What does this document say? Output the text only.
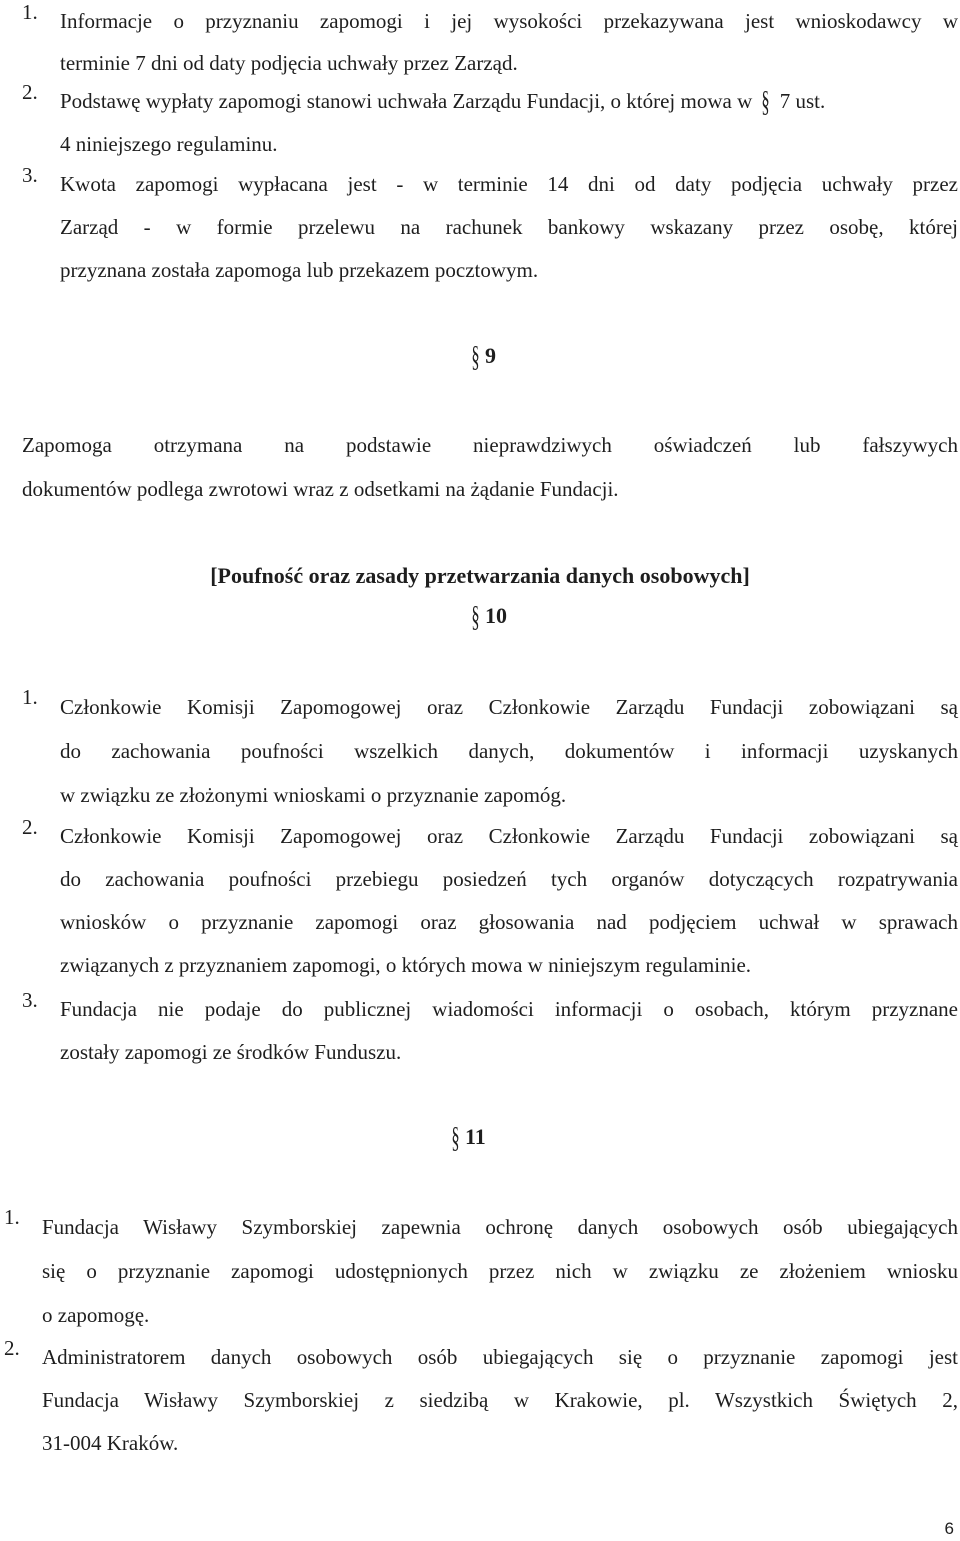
1. Informacje o przyznaniu zapomogi i jej wysokości przekazywana jest wnioskodawcy w
terminie 7 dni od daty podjęcia uchwały przez Zarząd.
2. Podstawę wypłaty zapomogi stanowi uchwała Zarządu Fundacji, o której mowa w § 7 ust.
4 niniejszego regulaminu.
3. Kwota zapomogi wypłacana jest - w terminie 14 dni od daty podjęcia uchwały przez
Zarząd - w formie przelewu na rachunek bankowy wskazany przez osobę, której
przyznana została zapomoga lub przekazem pocztowym.
§ 9
Zapomoga otrzymana na podstawie nieprawdziwych oświadczeń lub fałszywych
dokumentów podlega zwrotowi wraz z odsetkami na żądanie Fundacji.
[Poufność oraz zasady przetwarzania danych osobowych]
§ 10
1. Członkowie Komisji Zapomogowej oraz Członkowie Zarządu Fundacji zobowiązani są
do zachowania poufności wszelkich danych, dokumentów i informacji uzyskanych
w związku ze złożonymi wnioskami o przyznanie zapomóg.
2. Członkowie Komisji Zapomogowej oraz Członkowie Zarządu Fundacji zobowiązani są
do zachowania poufności przebiegu posiedzeń tych organów dotyczących rozpatrywania
wniosków o przyznanie zapomogi oraz głosowania nad podjęciem uchwał w sprawach
związanych z przyznaniem zapomogi, o których mowa w niniejszym regulaminie.
3. Fundacja nie podaje do publicznej wiadomości informacji o osobach, którym przyznane
zostały zapomogi ze środków Funduszu.
§ 11
1. Fundacja Wisławy Szymborskiej zapewnia ochronę danych osobowych osób ubiegających
się o przyznanie zapomogi udostępnionych przez nich w związku ze złożeniem wniosku
o zapomogę.
2. Administratorem danych osobowych osób ubiegających się o przyznanie zapomogi jest
Fundacja Wisławy Szymborskiej z siedzibą w Krakowie, pl. Wszystkich Świętych 2,
31-004 Kraków.
6
